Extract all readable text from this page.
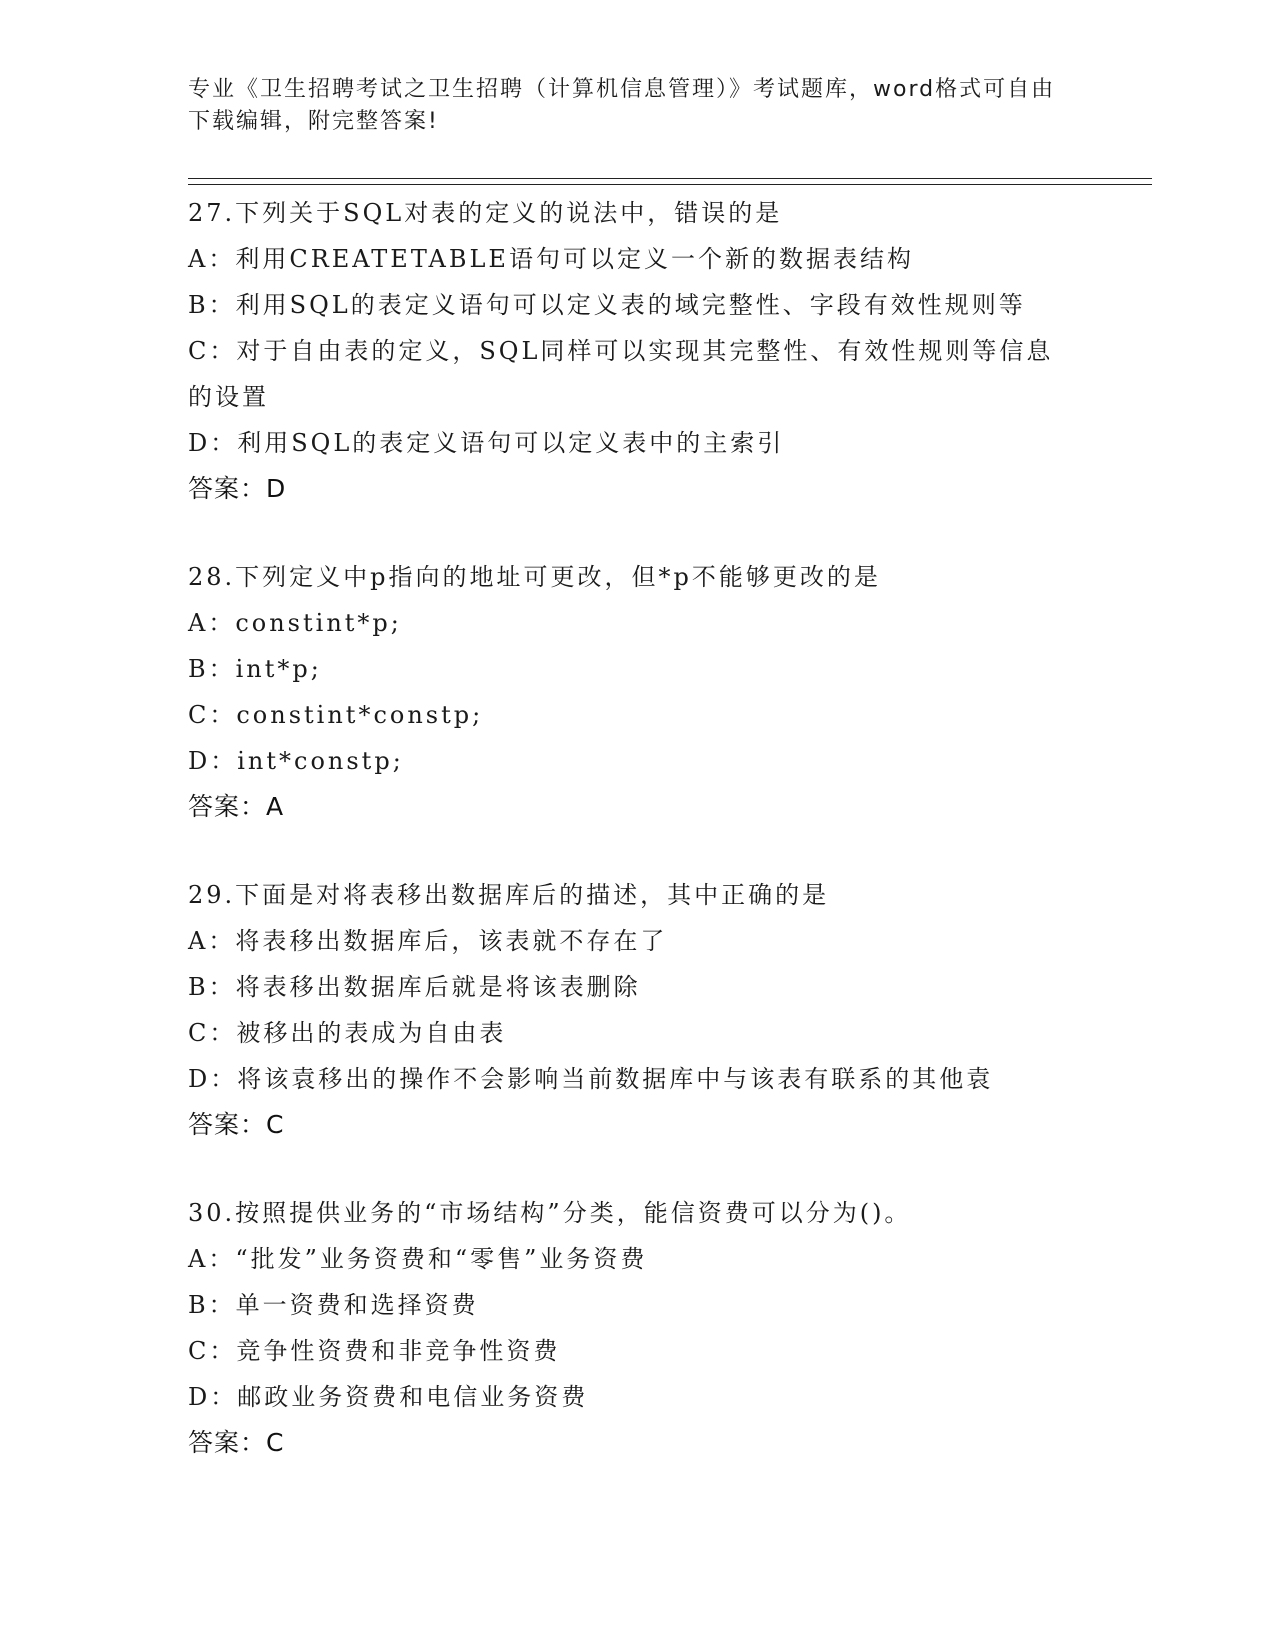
专业《卫生招聘考试之卫生招聘（计算机信息管理）》考试题库，word格式可自由下载编辑，附完整答案!
27.下列关于SQL对表的定义的说法中，错误的是
A：利用CREATETABLE语句可以定义一个新的数据表结构
B：利用SQL的表定义语句可以定义表的域完整性、字段有效性规则等
C：对于自由表的定义，SQL同样可以实现其完整性、有效性规则等信息的设置
D：利用SQL的表定义语句可以定义表中的主索引
答案：D
28.下列定义中p指向的地址可更改，但*p不能够更改的是
A：constint*p;
B：int*p;
C：constint*constp;
D：int*constp;
答案：A
29.下面是对将表移出数据库后的描述，其中正确的是
A：将表移出数据库后，该表就不存在了
B：将表移出数据库后就是将该表删除
C：被移出的表成为自由表
D：将该袁移出的操作不会影响当前数据库中与该表有联系的其他袁
答案：C
30.按照提供业务的“市场结构”分类，能信资费可以分为()。
A：“批发”业务资费和“零售”业务资费
B：单一资费和选择资费
C：竞争性资费和非竞争性资费
D：邮政业务资费和电信业务资费
答案：C
